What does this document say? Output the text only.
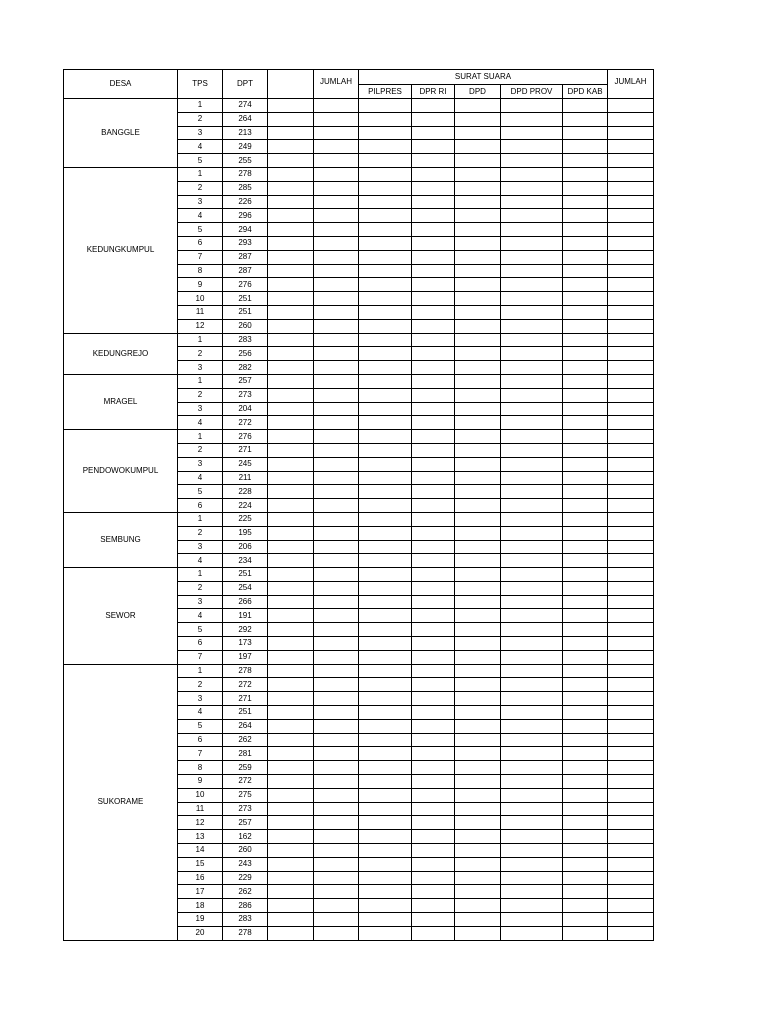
DESA	TPS	DPT		JUMLAH	SURAT SUARA					JUMLAH
					PILPRES	DPR RI	DPD	DPD PROV	DPD KAB	
BANGGLE	1	274								
	2	264								
	3	213								
	4	249								
	5	255								
KEDUNGKUMPUL	1	278								
	2	285								
	3	226								
	4	296								
	5	294								
	6	293								
	7	287								
	8	287								
	9	276								
	10	251								
	11	251								
	12	260								
KEDUNGREJO	1	283								
	2	256								
	3	282								
MRAGEL	1	257								
	2	273								
	3	204								
	4	272								
PENDOWOKUMPUL	1	276								
	2	271								
	3	245								
	4	211								
	5	228								
	6	224								
SEMBUNG	1	225								
	2	195								
	3	206								
	4	234								
SEWOR	1	251								
	2	254								
	3	266								
	4	191								
	5	292								
	6	173								
	7	197								
SUKORAME	1	278								
	2	272								
	3	271								
	4	251								
	5	264								
	6	262								
	7	281								
	8	259								
	9	272								
	10	275								
	11	273								
	12	257								
	13	162								
	14	260								
	15	243								
	16	229								
	17	262								
	18	286								
	19	283								
	20	278								
